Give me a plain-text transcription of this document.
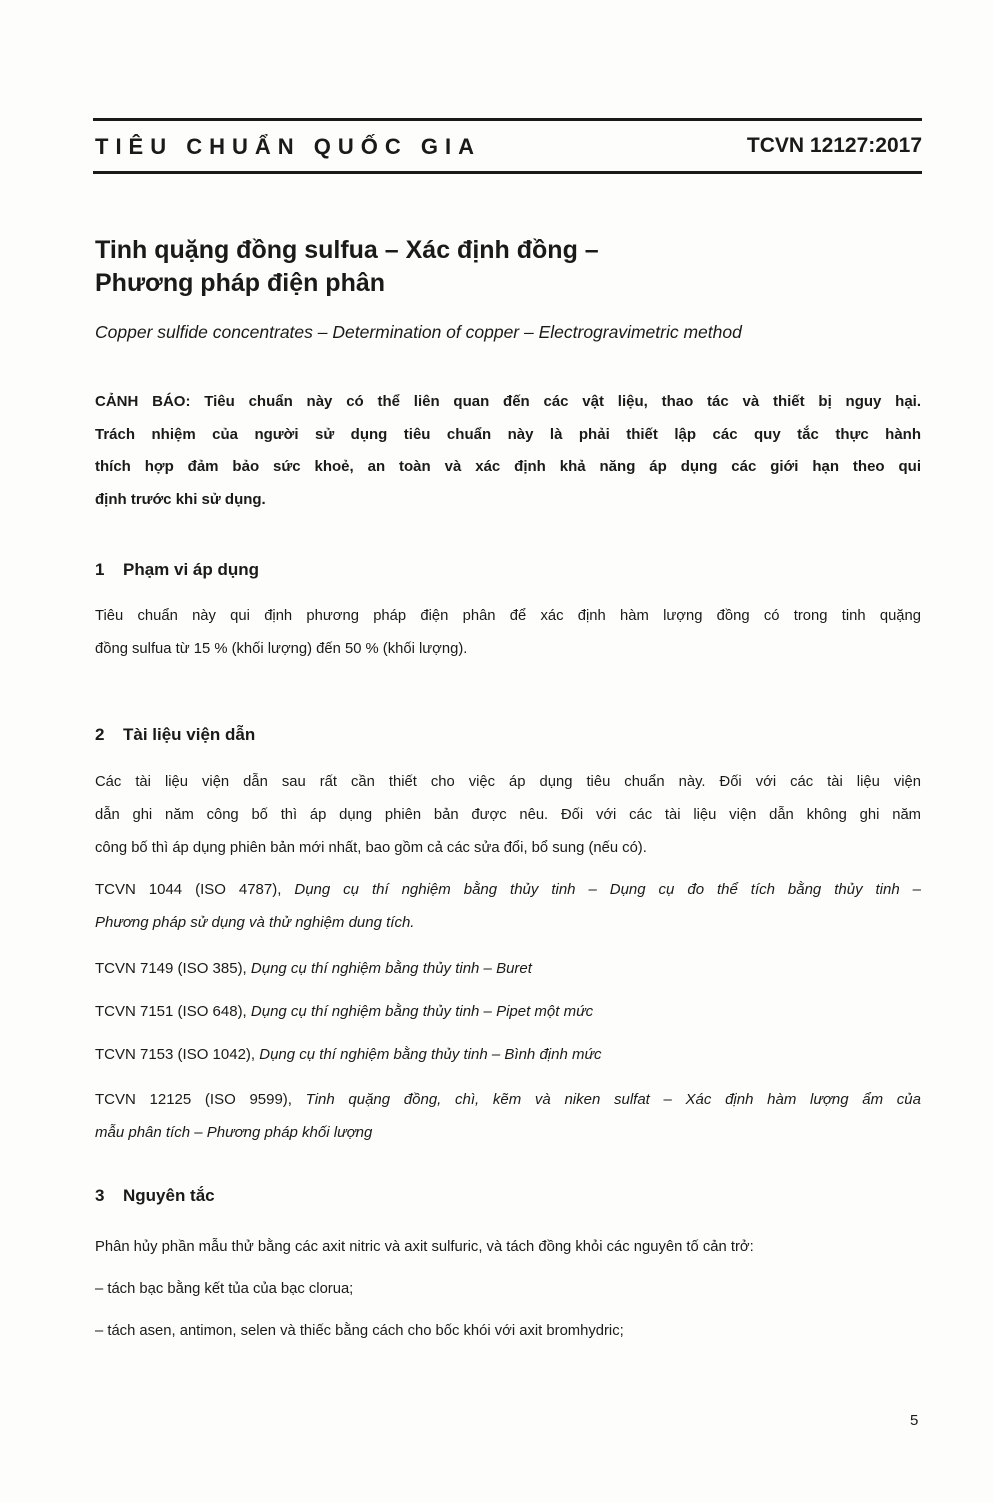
TIÊU CHUẨN QUỐC GIA	TCVN 12127:2017
Tinh quặng đồng sulfua – Xác định đồng –
Phương pháp điện phân
Copper sulfide concentrates – Determination of copper – Electrogravimetric method
CẢNH BÁO: Tiêu chuẩn này có thể liên quan đến các vật liệu, thao tác và thiết bị nguy hại.
Trách nhiệm của người sử dụng tiêu chuẩn này là phải thiết lập các quy tắc thực hành
thích hợp đảm bảo sức khoẻ, an toàn và xác định khả năng áp dụng các giới hạn theo qui
định trước khi sử dụng.
1 Phạm vi áp dụng
Tiêu chuẩn này qui định phương pháp điện phân để xác định hàm lượng đồng có trong tinh quặng
đồng sulfua từ 15 % (khối lượng) đến 50 % (khối lượng).
2 Tài liệu viện dẫn
Các tài liệu viện dẫn sau rất cần thiết cho việc áp dụng tiêu chuẩn này. Đối với các tài liệu viện
dẫn ghi năm công bố thì áp dụng phiên bản được nêu. Đối với các tài liệu viện dẫn không ghi năm
công bố thì áp dụng phiên bản mới nhất, bao gồm cả các sửa đổi, bổ sung (nếu có).
TCVN 1044 (ISO 4787), Dụng cụ thí nghiệm bằng thủy tinh – Dụng cụ đo thể tích bằng thủy tinh –
Phương pháp sử dụng và thử nghiệm dung tích.
TCVN 7149 (ISO 385), Dụng cụ thí nghiệm bằng thủy tinh – Buret
TCVN 7151 (ISO 648), Dụng cụ thí nghiệm bằng thủy tinh – Pipet một mức
TCVN 7153 (ISO 1042), Dụng cụ thí nghiệm bằng thủy tinh – Bình định mức
TCVN 12125 (ISO 9599), Tinh quặng đồng, chì, kẽm và niken sulfat – Xác định hàm lượng ẩm của
mẫu phân tích – Phương pháp khối lượng
3 Nguyên tắc
Phân hủy phần mẫu thử bằng các axit nitric và axit sulfuric, và tách đồng khỏi các nguyên tố cản trở:
– tách bạc bằng kết tủa của bạc clorua;
– tách asen, antimon, selen và thiếc bằng cách cho bốc khói với axit bromhydric;
5
